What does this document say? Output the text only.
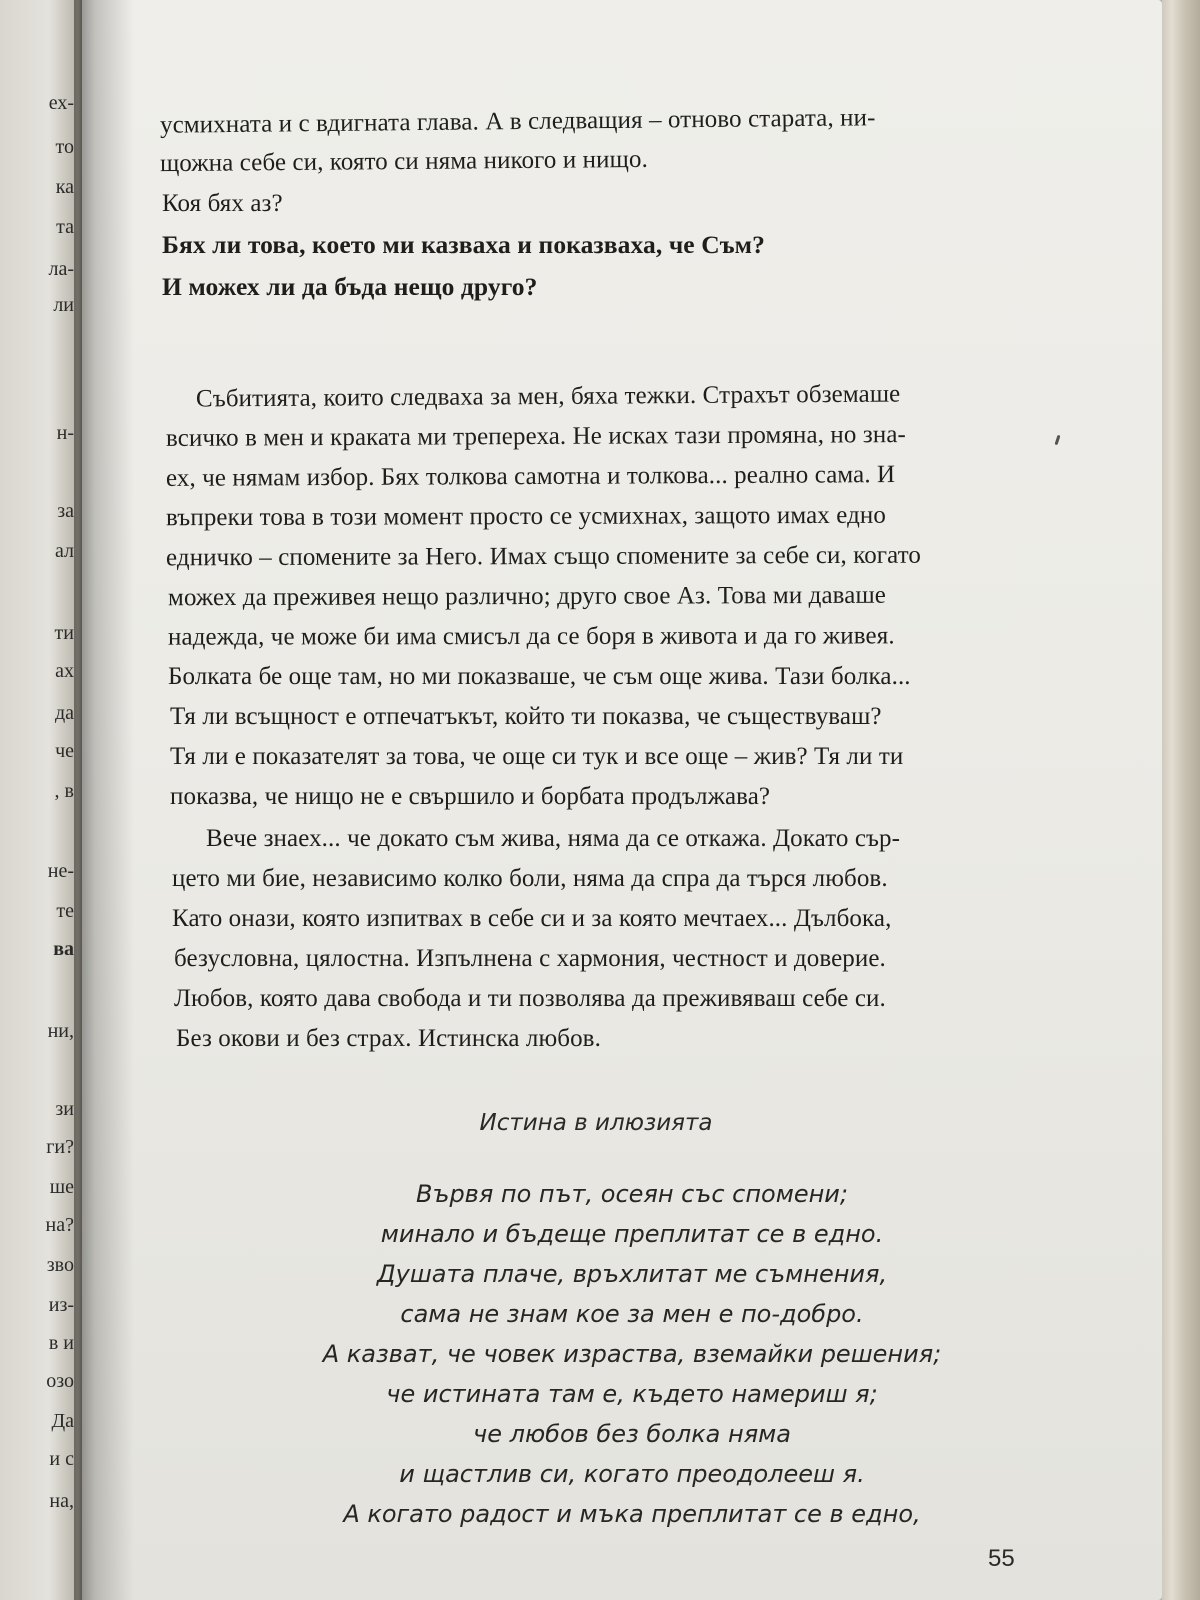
ех-
то
ка
та
ла-
ли
н-
за
ал
ти
ах
да
че
, в
не-
те
ва
ни,
зи
ги?
ше
на?
зво
из-
в и
озо
Да
и с
на,
усмихната и с вдигната глава. А в следващия – отново старата, ни-
щожна себе си, която си няма никого и нищо.
Коя бях аз?
Бях ли това, което ми казваха и показваха, че Съм?
И можех ли да бъда нещо друго?
Събитията, които следваха за мен, бяха тежки. Страхът обземаше
всичко в мен и краката ми трепереха. Не исках тази промяна, но зна-
ех, че нямам избор. Бях толкова самотна и толкова... реално сама. И
въпреки това в този момент просто се усмихнах, защото имах едно
едничко – спомените за Него. Имах също спомените за себе си, когато
можех да преживея нещо различно; друго свое Аз. Това ми даваше
надежда, че може би има смисъл да се боря в живота и да го живея.
Болката бе още там, но ми показваше, че съм още жива. Тази болка...
Тя ли всъщност е отпечатъкът, който ти показва, че съществуваш?
Тя ли е показателят за това, че още си тук и все още – жив? Тя ли ти
показва, че нищо не е свършило и борбата продължава?
Вече знаех... че докато съм жива, няма да се откажа. Докато сър-
цето ми бие, независимо колко боли, няма да спра да търся любов.
Като онази, която изпитвах в себе си и за която мечтаех... Дълбока,
безусловна, цялостна. Изпълнена с хармония, честност и доверие.
Любов, която дава свобода и ти позволява да преживяваш себе си.
Без окови и без страх. Истинска любов.
Истина в илюзията
Вървя по път, осеян със спомени;
минало и бъдеще преплитат се в едно.
Душата плаче, връхлитат ме съмнения,
сама не знам кое за мен е по-добро.
А казват, че човек израства, вземайки решения;
че истината там е, където намериш я;
че любов без болка няма
и щастлив си, когато преодолееш я.
А когато радост и мъка преплитат се в едно,
55
